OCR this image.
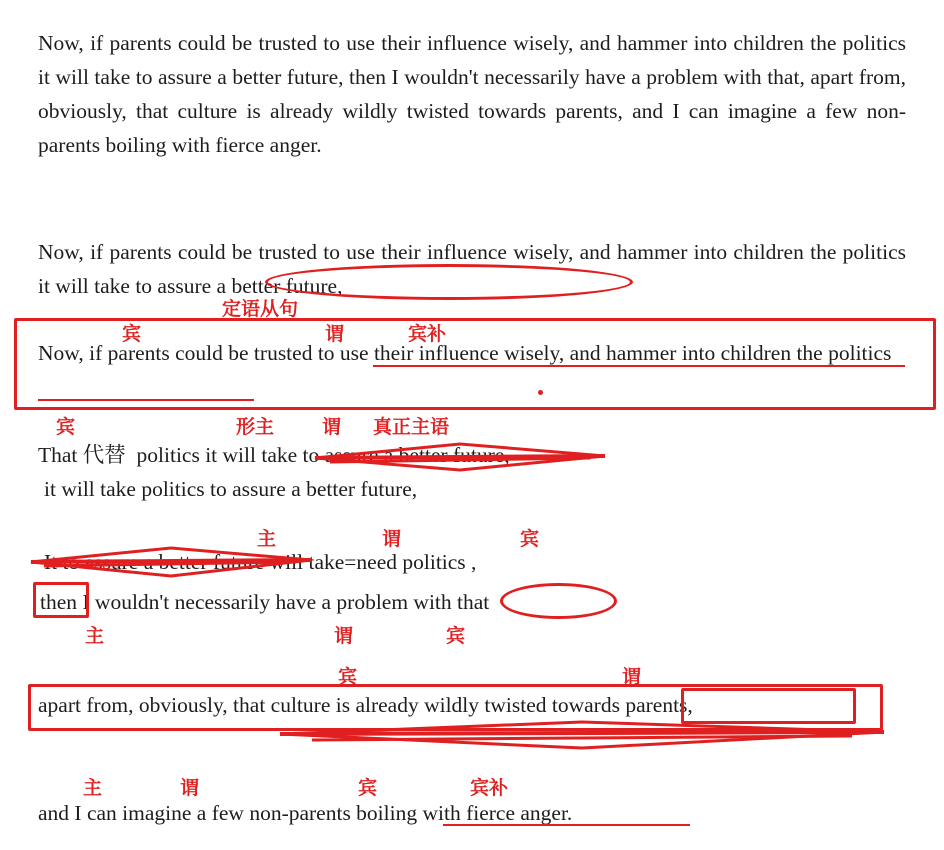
Now, if parents could be trusted to use their influence wisely, and hammer into children the politics it will take to assure a better future, then I wouldn't necessarily have a problem with that, apart from, obviously, that culture is already wildly twisted towards parents, and I can imagine a few non-parents boiling with fierce anger.
Now, if parents could be trusted to use their influence wisely, and hammer into children the politics it will take to assure a better future,
定语从句
宾	谓	宾补
Now, if parents could be trusted to use their influence wisely, and hammer into children the politics
宾	形主	谓 真正主语
That 代替  politics it will take to assure a better future,
it will take politics to assure a better future,
主	谓	宾
It to assure a better future will take=need politics ,
then I wouldn't necessarily have a problem with that
主	谓	宾
宾	谓
apart from, obviously, that culture is already wildly twisted towards parents,
主	谓	宾	宾补
and I can imagine a few non-parents boiling with fierce anger.
